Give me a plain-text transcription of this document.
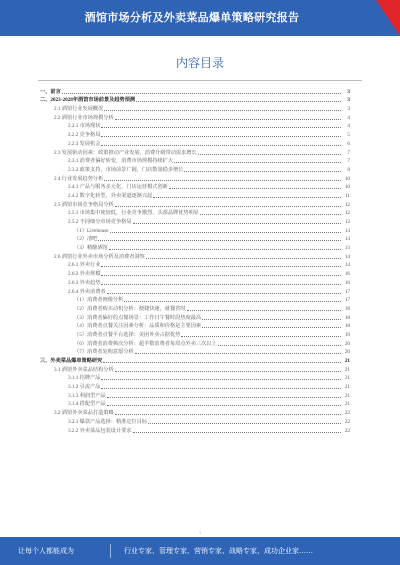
酒馆市场分析及外卖菜品爆单策略研究报告
内容目录
一、前言	3
二、2023-2028年酒馆市场前景及趋势预测	3
2.1 酒馆行业发展概况	3
2.2 酒馆行业市场规模分析	4
2.2.1 市场现状	4
2.2.2 竞争格局	5
2.2.3 发展机会	6
2.3 发展驱动因素：政策推动产业发展，消费升级带动需求增长	7
2.3.1 消费者偏好转变，消费市场规模持续扩大	7
2.3.2 政策支持，市场前景广阔，门店数量稳步增长	8
2.4 行业发展趋势分析	10
2.4.1 产品与服务多元化，门店运营模式创新	10
2.4.2 数字化转型，外卖渠道逐渐兴起	11
2.5 酒馆市场竞争格局分析	12
2.5.1 市场集中度较低，行业竞争激烈，头部品牌优势明显	12
2.5.2 不同细分市场竞争格局	12
（1）Livehouse	13
（2）清吧	13
（3）精酿酒馆	13
2.6 酒馆行业外卖市场分析及消费者洞察	14
2.6.1 外卖行业	14
2.6.2 外卖规模	16
2.6.3 外卖趋势	16
2.6.4 外卖消费者	17
（1）消费者画像分析	17
（2）消费者购买动机分析：便捷快速，就餐省时	18
（3）消费者偏好的点餐场景：工作日午餐时段热度最高	18
（4）消费者点餐关注因素分析：品质和价格是主要因素	18
（5）消费者点餐平台选择：美团外卖占据优势	19
（6）消费者消费频次分析：超半数消费者每周点外卖三次以上	20
（7）消费者复购意愿分析	20
三、外卖菜品爆单策略研究	21
3.1 酒馆外卖菜品结构分析	21
3.1.1 招牌产品	21
3.1.2 引流产品	21
3.1.3 利润型产品	21
3.1.4 搭配型产品	21
3.2 酒馆外卖菜品打造策略	22
3.2.1 爆款产品选择：精准定位目标	22
3.2.2 外卖菜品包装设计要求	22
1
让每个人都能成为	行业专家、管理专家、营销专家、战略专家、成功企业家……
